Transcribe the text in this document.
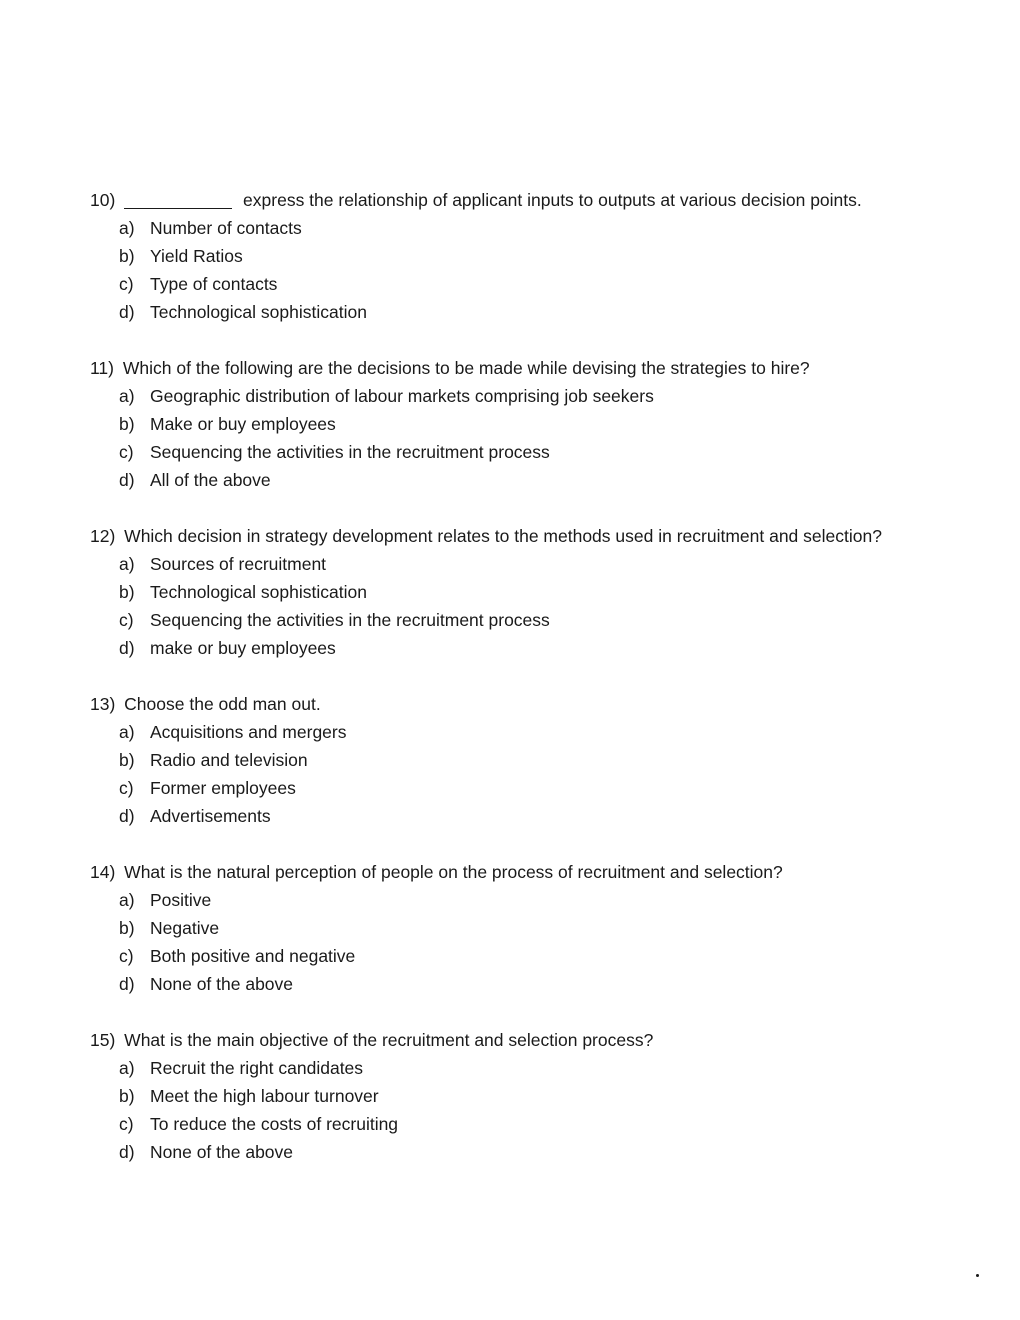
10)	express the relationship of applicant inputs to outputs at various decision points.
a) Number of contacts
b) Yield Ratios
c) Type of contacts
d) Technological sophistication
11) Which of the following are the decisions to be made while devising the strategies to hire?
a) Geographic distribution of labour markets comprising job seekers
b) Make or buy employees
c) Sequencing the activities in the recruitment process
d) All of the above
12) Which decision in strategy development relates to the methods used in recruitment and selection?
a) Sources of recruitment
b) Technological sophistication
c) Sequencing the activities in the recruitment process
d) make or buy employees
13) Choose the odd man out.
a) Acquisitions and mergers
b) Radio and television
c) Former employees
d) Advertisements
14) What is the natural perception of people on the process of recruitment and selection?
a) Positive
b) Negative
c) Both positive and negative
d) None of the above
15) What is the main objective of the recruitment and selection process?
a) Recruit the right candidates
b) Meet the high labour turnover
c) To reduce the costs of recruiting
d) None of the above
